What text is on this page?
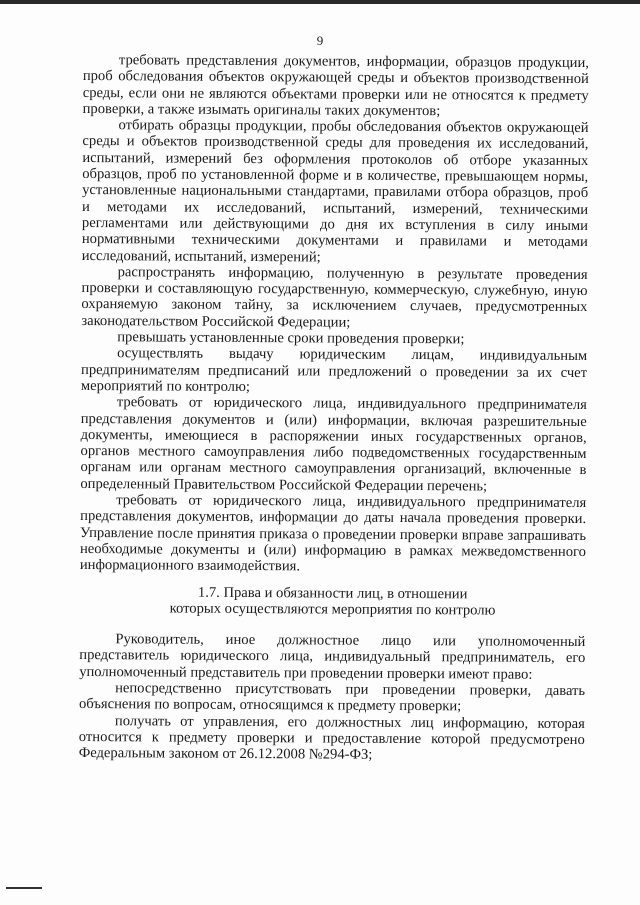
9

требовать представления документов, информации, образцов продукции, проб обследования объектов окружающей среды и объектов производственной среды, если они не являются объектами проверки или не относятся к предмету проверки, а также изымать оригиналы таких документов;

отбирать образцы продукции, пробы обследования объектов окружающей среды и объектов производственной среды для проведения их исследований, испытаний, измерений без оформления протоколов об отборе указанных образцов, проб по установленной форме и в количестве, превышающем нормы, установленные национальными стандартами, правилами отбора образцов, проб и методами их исследований, испытаний, измерений, техническими регламентами или действующими до дня их вступления в силу иными нормативными техническими документами и правилами и методами исследований, испытаний, измерений;

распространять информацию, полученную в результате проведения проверки и составляющую государственную, коммерческую, служебную, иную охраняемую законом тайну, за исключением случаев, предусмотренных законодательством Российской Федерации;

превышать установленные сроки проведения проверки;

осуществлять выдачу юридическим лицам, индивидуальным предпринимателям предписаний или предложений о проведении за их счет мероприятий по контролю;

требовать от юридического лица, индивидуального предпринимателя представления документов и (или) информации, включая разрешительные документы, имеющиеся в распоряжении иных государственных органов, органов местного самоуправления либо подведомственных государственным органам или органам местного самоуправления организаций, включенные в определенный Правительством Российской Федерации перечень;

требовать от юридического лица, индивидуального предпринимателя представления документов, информации до даты начала проведения проверки. Управление после принятия приказа о проведении проверки вправе запрашивать необходимые документы и (или) информацию в рамках межведомственного информационного взаимодействия.

1.7. Права и обязанности лиц, в отношении
которых осуществляются мероприятия по контролю

Руководитель, иное должностное лицо или уполномоченный представитель юридического лица, индивидуальный предприниматель, его уполномоченный представитель при проведении проверки имеют право:

непосредственно присутствовать при проведении проверки, давать объяснения по вопросам, относящимся к предмету проверки;

получать от управления, его должностных лиц информацию, которая относится к предмету проверки и предоставление которой предусмотрено Федеральным законом от 26.12.2008 №294-ФЗ;
